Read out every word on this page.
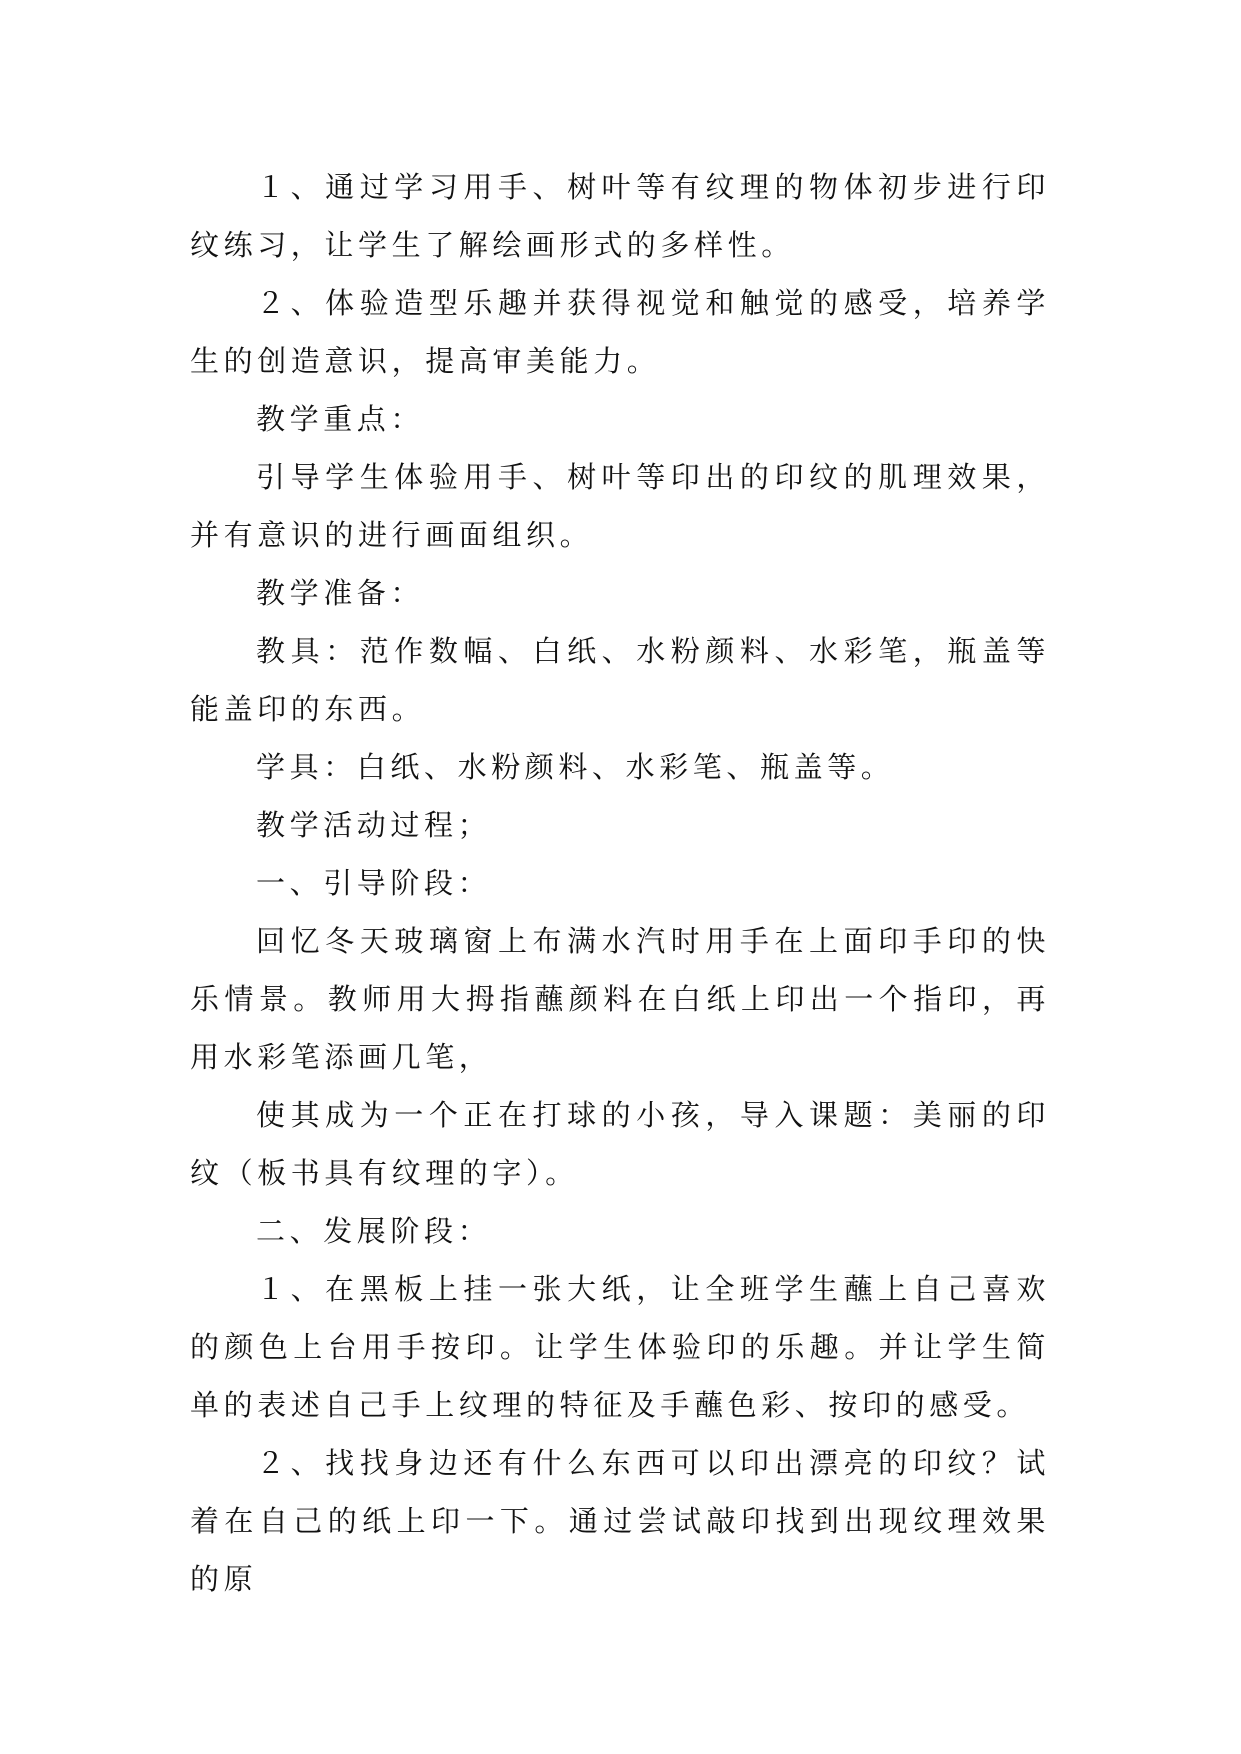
１、通过学习用手、树叶等有纹理的物体初步进行印纹练习，让学生了解绘画形式的多样性。

２、体验造型乐趣并获得视觉和触觉的感受，培养学生的创造意识，提高审美能力。

教学重点：

引导学生体验用手、树叶等印出的印纹的肌理效果，并有意识的进行画面组织。

教学准备：

教具：范作数幅、白纸、水粉颜料、水彩笔，瓶盖等能盖印的东西。

学具：白纸、水粉颜料、水彩笔、瓶盖等。

教学活动过程；

一、引导阶段：

回忆冬天玻璃窗上布满水汽时用手在上面印手印的快乐情景。教师用大拇指蘸颜料在白纸上印出一个指印，再用水彩笔添画几笔，

使其成为一个正在打球的小孩，导入课题：美丽的印纹（板书具有纹理的字）。

二、发展阶段：

１、在黑板上挂一张大纸，让全班学生蘸上自己喜欢的颜色上台用手按印。让学生体验印的乐趣。并让学生简单的表述自己手上纹理的特征及手蘸色彩、按印的感受。

２、找找身边还有什么东西可以印出漂亮的印纹？试着在自己的纸上印一下。通过尝试敲印找到出现纹理效果的原
